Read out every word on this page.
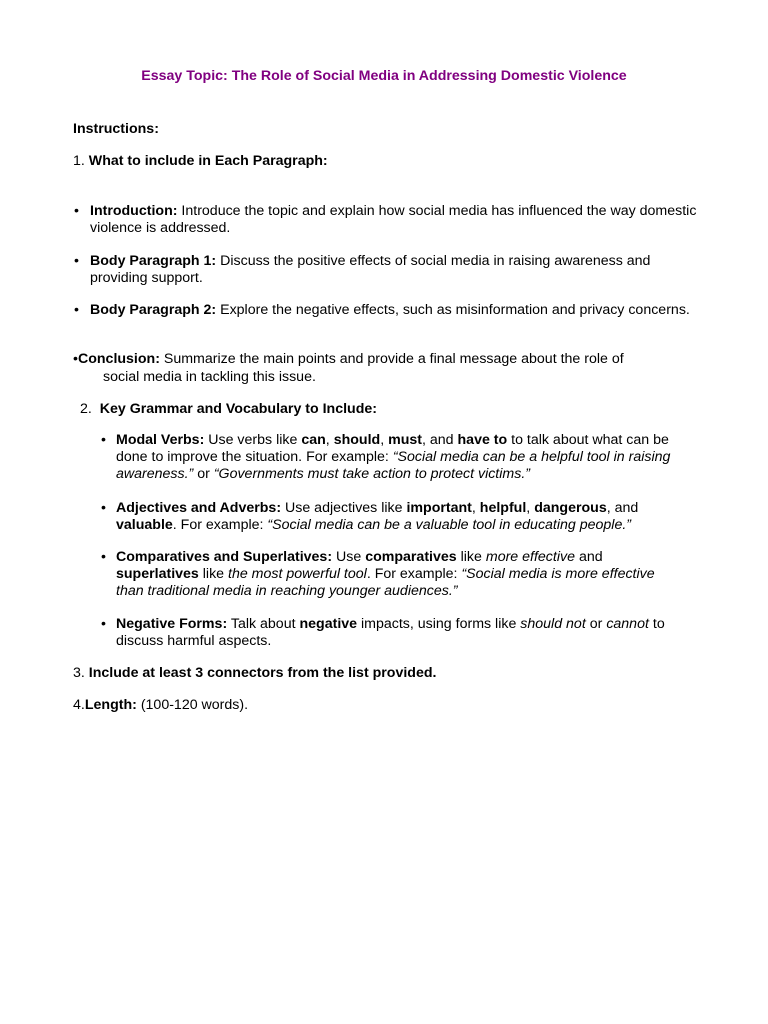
Essay Topic: The Role of Social Media in Addressing Domestic Violence
Instructions:
1. What to include in Each Paragraph:
• Introduction: Introduce the topic and explain how social media has influenced the way domestic violence is addressed.
• Body Paragraph 1: Discuss the positive effects of social media in raising awareness and providing support.
• Body Paragraph 2: Explore the negative effects, such as misinformation and privacy concerns.
•Conclusion: Summarize the main points and provide a final message about the role of
social media in tackling this issue.
2. Key Grammar and Vocabulary to Include:
• Modal Verbs: Use verbs like can, should, must, and have to to talk about what can be done to improve the situation. For example: “Social media can be a helpful tool in raising awareness.” or “Governments must take action to protect victims.”
• Adjectives and Adverbs: Use adjectives like important, helpful, dangerous, and valuable. For example: “Social media can be a valuable tool in educating people.”
• Comparatives and Superlatives: Use comparatives like more effective and superlatives like the most powerful tool. For example: “Social media is more effective than traditional media in reaching younger audiences.”
• Negative Forms: Talk about negative impacts, using forms like should not or cannot to discuss harmful aspects.
3. Include at least 3 connectors from the list provided.
4.Length: (100-120 words).
